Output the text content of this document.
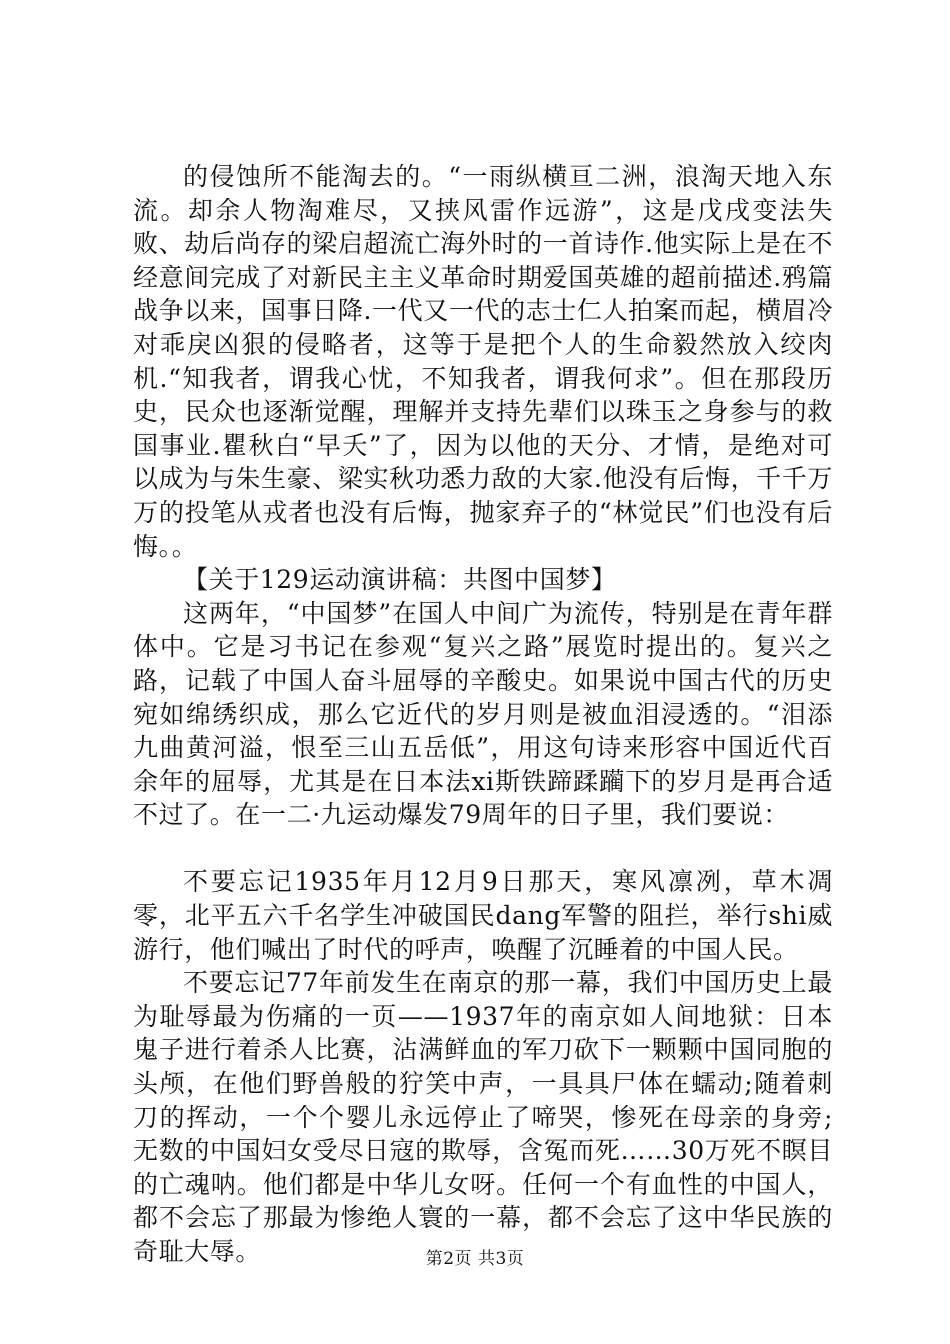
的侵蚀所不能淘去的。“一雨纵横亘二洲，浪淘天地入东流。却余人物淘难尽，又挟风雷作远游”，这是戊戌变法失败、劫后尚存的梁启超流亡海外时的一首诗作.他实际上是在不经意间完成了对新民主主义革命时期爱国英雄的超前描述.鸦篇战争以来，国事日降.一代又一代的志士仁人拍案而起，横眉冷对乖戾凶狠的侵略者，这等于是把个人的生命毅然放入绞肉机.“知我者，谓我心忧，不知我者，谓我何求”。但在那段历史，民众也逐渐觉醒，理解并支持先辈们以珠玉之身参与的救国事业.瞿秋白“早夭”了，因为以他的天分、才情，是绝对可以成为与朱生豪、梁实秋功悉力敌的大家.他没有后悔，千千万万的投笔从戎者也没有后悔，抛家弃子的“林觉民”们也没有后悔。。

【关于129运动演讲稿：共图中国梦】

这两年，“中国梦”在国人中间广为流传，特别是在青年群体中。它是习书记在参观“复兴之路”展览时提出的。复兴之路，记载了中国人奋斗屈辱的辛酸史。如果说中国古代的历史宛如绵绣织成，那么它近代的岁月则是被血泪浸透的。“泪添九曲黄河溢，恨至三山五岳低”，用这句诗来形容中国近代百余年的屈辱，尤其是在日本法xi斯铁蹄蹂躏下的岁月是再合适不过了。在一二·九运动爆发79周年的日子里，我们要说：

不要忘记1935年月12月9日那天，寒风凛冽，草木凋零，北平五六千名学生冲破国民dang军警的阻拦，举行shi威游行，他们喊出了时代的呼声，唤醒了沉睡着的中国人民。

不要忘记77年前发生在南京的那一幕，我们中国历史上最为耻辱最为伤痛的一页——1937年的南京如人间地狱：日本鬼子进行着杀人比赛，沾满鲜血的军刀砍下一颗颗中国同胞的头颅，在他们野兽般的狞笑中声，一具具尸体在蠕动;随着刺刀的挥动，一个个婴儿永远停止了啼哭，惨死在母亲的身旁;无数的中国妇女受尽日寇的欺辱，含冤而死……30万死不瞑目的亡魂呐。他们都是中华儿女呀。任何一个有血性的中国人，都不会忘了那最为惨绝人寰的一幕，都不会忘了这中华民族的奇耻大辱。	第2页 共3页
